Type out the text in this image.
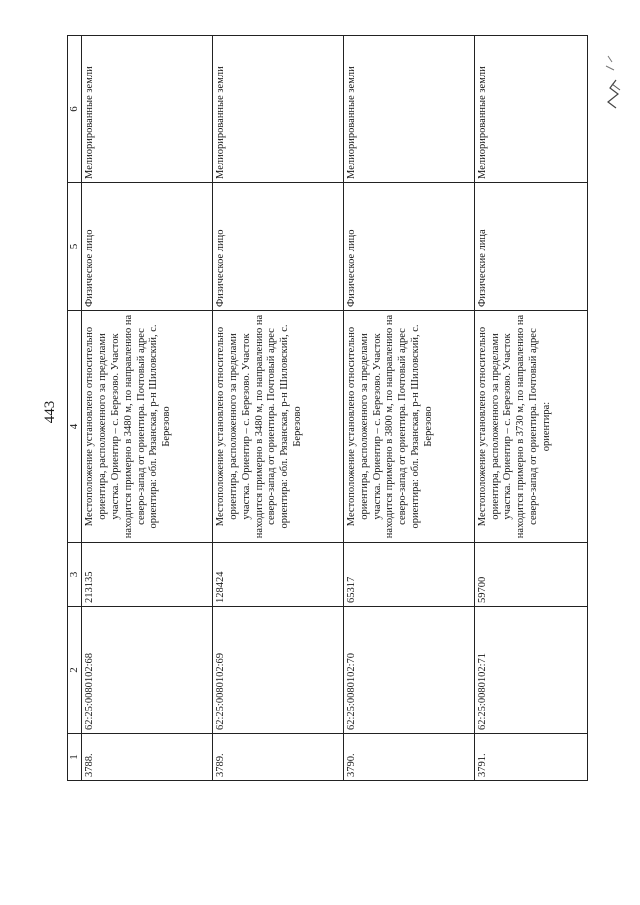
443
1	2	3	4	5	6
3788.	62:25:0080102:68	213135	Местоположение установлено относительно ориентира, расположенного за пределами участка. Ориентир – с. Березово. Участок находится примерно в 3480 м, по направлению на северо-запад от ориентира. Почтовый адрес ориентира: обл. Рязанская, р-н Шиловский, с. Березово	Физическое лицо	Мелиорированные земли
3789.	62:25:0080102:69	128424	Местоположение установлено относительно ориентира, расположенного за пределами участка. Ориентир – с. Березово. Участок находится примерно в 3480 м, по направлению на северо-запад от ориентира. Почтовый адрес ориентира: обл. Рязанская, р-н Шиловский, с. Березово	Физическое лицо	Мелиорированные земли
3790.	62:25:0080102:70	65317	Местоположение установлено относительно ориентира, расположенного за пределами участка. Ориентир – с. Березово. Участок находится примерно в 3800 м, по направлению на северо-запад от ориентира. Почтовый адрес ориентира: обл. Рязанская, р-н Шиловский, с. Березово	Физическое лицо	Мелиорированные земли
3791.	62:25:0080102:71	59700	Местоположение установлено относительно ориентира, расположенного за пределами участка. Ориентир – с. Березово. Участок находится примерно в 3730 м, по направлению на северо-запад от ориентира. Почтовый адрес ориентира:	Физические лица	Мелиорированные земли
